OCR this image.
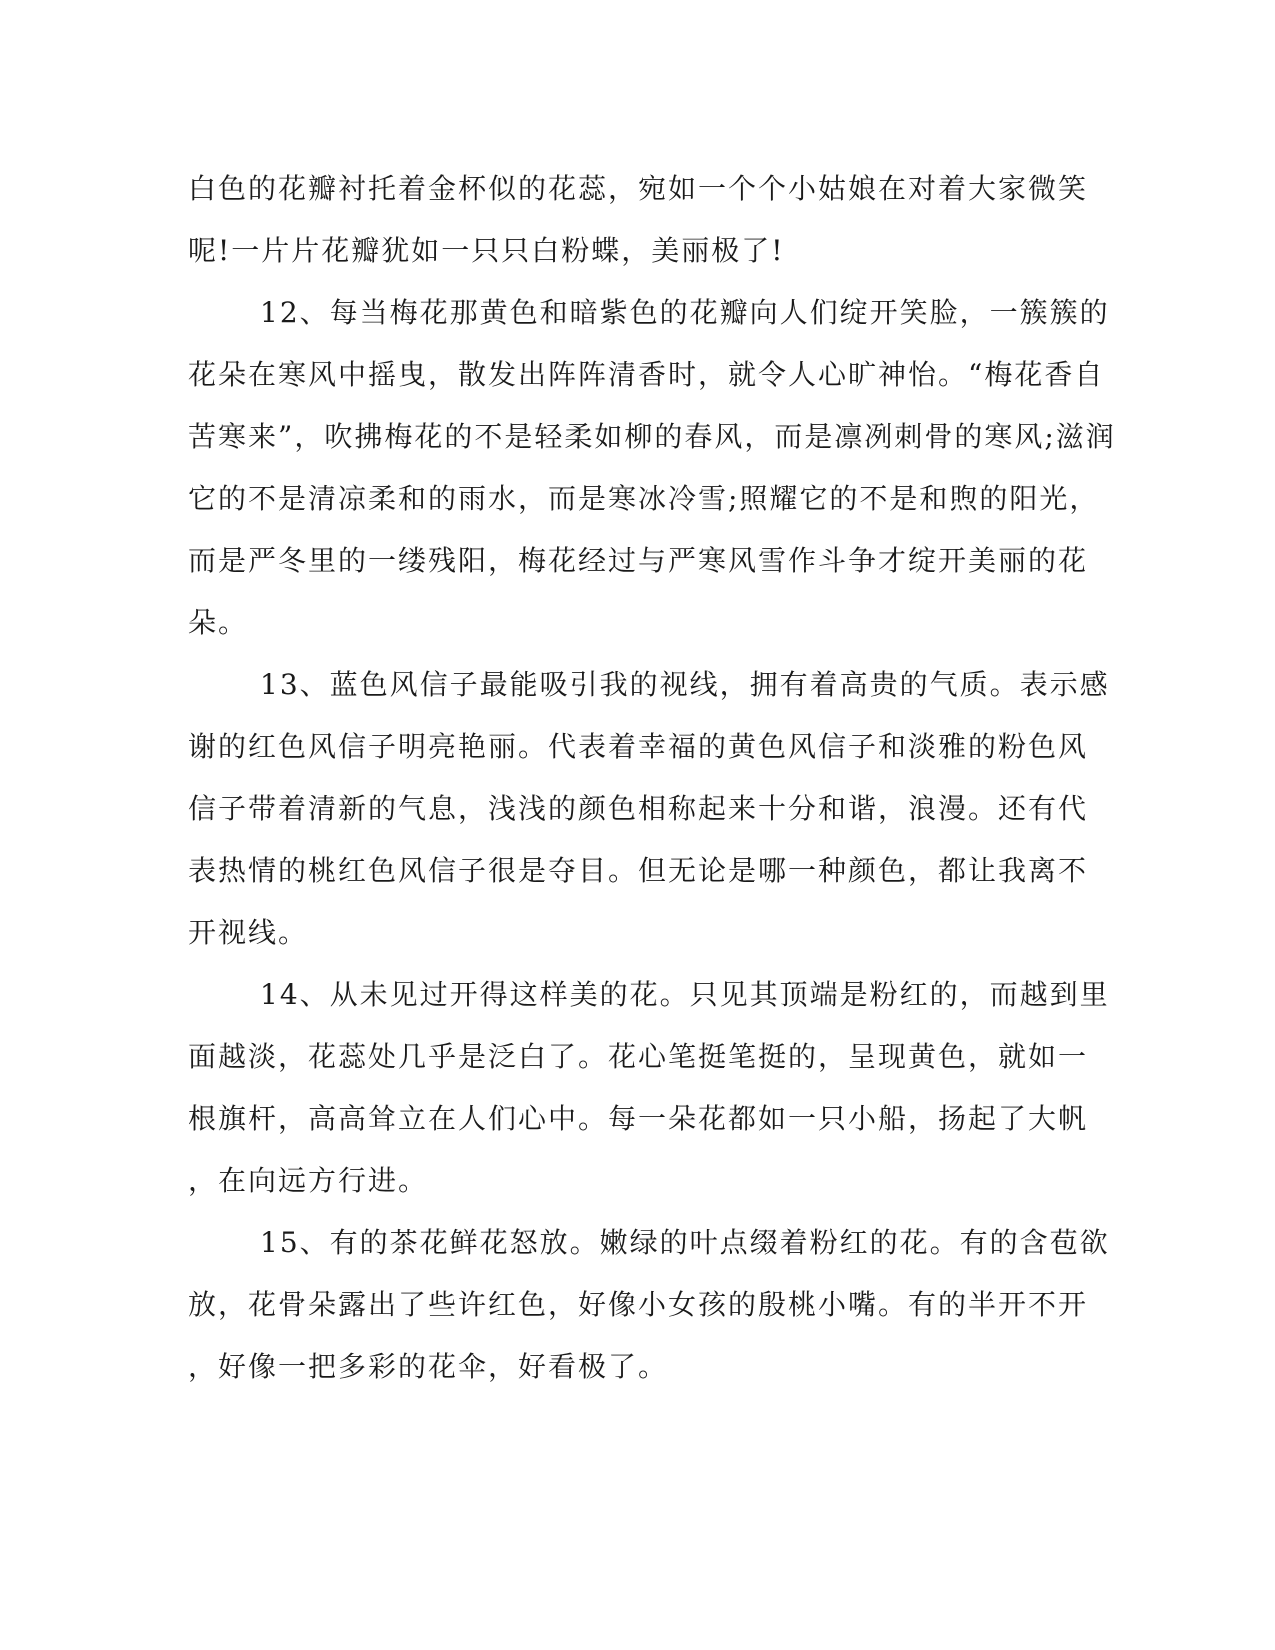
白色的花瓣衬托着金杯似的花蕊，宛如一个个小姑娘在对着大家微笑
呢!一片片花瓣犹如一只只白粉蝶，美丽极了!
12、每当梅花那黄色和暗紫色的花瓣向人们绽开笑脸，一簇簇的
花朵在寒风中摇曳，散发出阵阵清香时，就令人心旷神怡。“梅花香自
苦寒来”，吹拂梅花的不是轻柔如柳的春风，而是凛冽刺骨的寒风;滋润
它的不是清凉柔和的雨水，而是寒冰冷雪;照耀它的不是和煦的阳光，
而是严冬里的一缕残阳，梅花经过与严寒风雪作斗争才绽开美丽的花
朵。
13、蓝色风信子最能吸引我的视线，拥有着高贵的气质。表示感
谢的红色风信子明亮艳丽。代表着幸福的黄色风信子和淡雅的粉色风
信子带着清新的气息，浅浅的颜色相称起来十分和谐，浪漫。还有代
表热情的桃红色风信子很是夺目。但无论是哪一种颜色，都让我离不
开视线。
14、从未见过开得这样美的花。只见其顶端是粉红的，而越到里
面越淡，花蕊处几乎是泛白了。花心笔挺笔挺的，呈现黄色，就如一
根旗杆，高高耸立在人们心中。每一朵花都如一只小船，扬起了大帆
，在向远方行进。
15、有的茶花鲜花怒放。嫩绿的叶点缀着粉红的花。有的含苞欲
放，花骨朵露出了些许红色，好像小女孩的殷桃小嘴。有的半开不开
，好像一把多彩的花伞，好看极了。
